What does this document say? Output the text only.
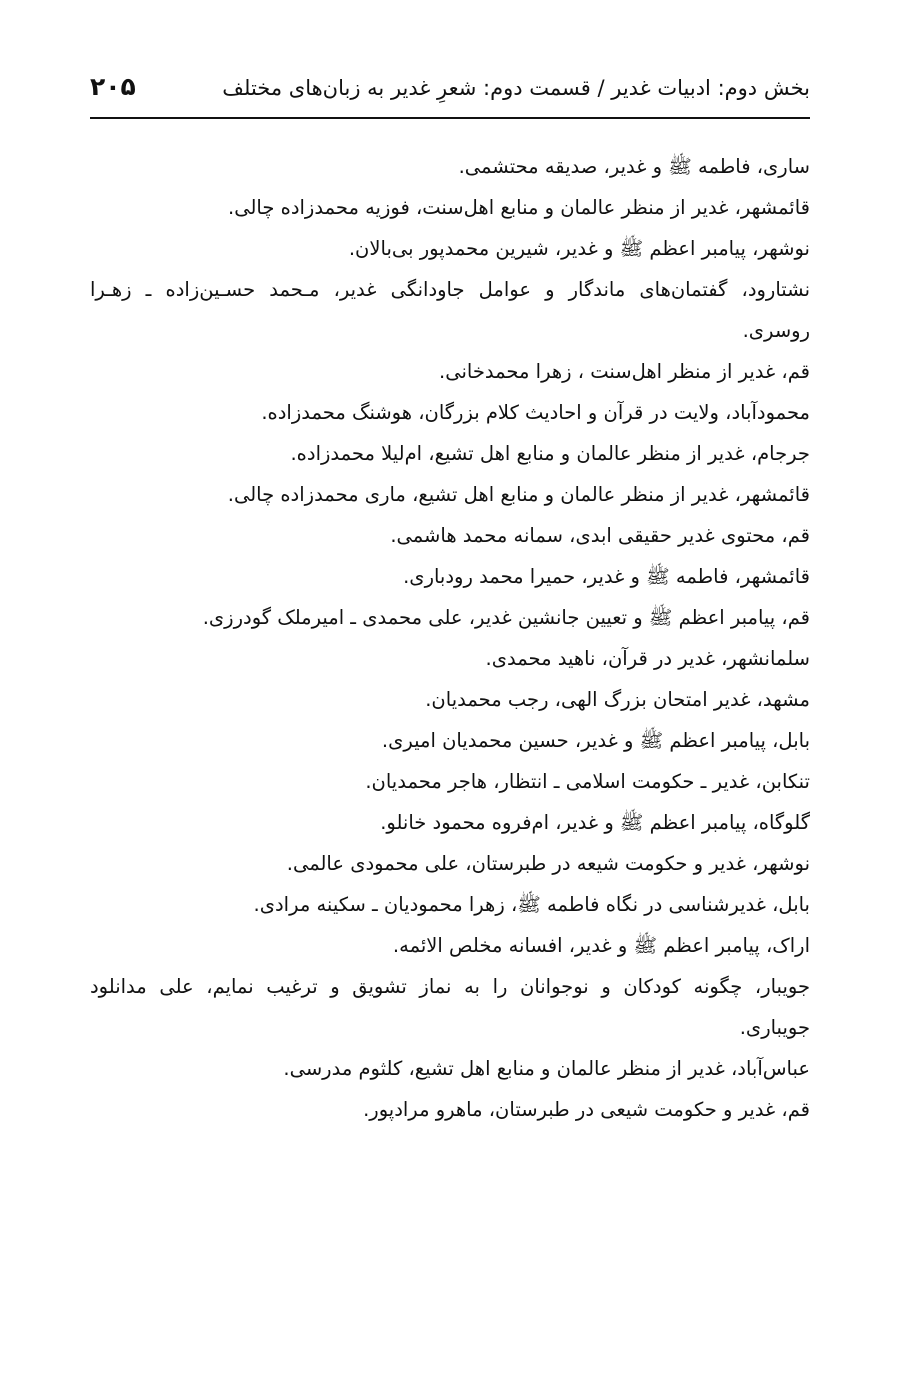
بخش دوم: ادبیات غدیر / قسمت دوم: شعرِ غدیر به زبان‌های مختلف
۲۰۵
ساری، فاطمه ﷺ و غدیر، صدیقه محتشمی.
قائمشهر، غدیر از منظر عالمان و منابع اهل‌سنت، فوزیه محمدزاده چالی.
نوشهر، پیامبر اعظم ﷺ و غدیر، شیرین محمدپور بی‌بالان.
نشتارود، گفتمان‌های ماندگار و عوامل جاودانگی غدیر، مـحمد حسـین‌زاده ـ زهـرا
روسری.
قم، غدیر از منظر اهل‌سنت ، زهرا محمدخانی.
محمودآباد، ولایت در قرآن و احادیث کلام بزرگان، هوشنگ محمدزاده.
جرجام، غدیر از منظر عالمان و منابع اهل تشیع، ام‌لیلا محمدزاده.
قائمشهر، غدیر از منظر عالمان و منابع اهل تشیع، ماری محمدزاده چالی.
قم، محتوی غدیر حقیقی ابدی، سمانه محمد هاشمی.
قائمشهر، فاطمه ﷺ و غدیر، حمیرا محمد رودباری.
قم، پیامبر اعظم ﷺ و تعیین جانشین غدیر، علی محمدی ـ امیرملک گودرزی.
سلمانشهر، غدیر در قرآن، ناهید محمدی.
مشهد، غدیر امتحان بزرگ الهی، رجب محمدیان.
بابل، پیامبر اعظم ﷺ و غدیر، حسین محمدیان امیری.
تنکابن، غدیر ـ حکومت اسلامی ـ انتظار، هاجر محمدیان.
گلوگاه، پیامبر اعظم ﷺ و غدیر، ام‌فروه محمود خانلو.
نوشهر، غدیر و حکومت شیعه در طبرستان، علی محمودی عالمی.
بابل، غدیرشناسی در نگاه فاطمه ﷺ، زهرا محمودیان ـ سکینه مرادی.
اراک، پیامبر اعظم ﷺ و غدیر، افسانه مخلص الائمه.
جویبار، چگونه کودکان و نوجوانان را به نماز تشویق و ترغیب نمایم، علی مدانلود
جویباری.
عباس‌آباد، غدیر از منظر عالمان و منابع اهل تشیع، کلثوم مدرسی.
قم، غدیر و حکومت شیعی در طبرستان، ماهرو مرادپور.
